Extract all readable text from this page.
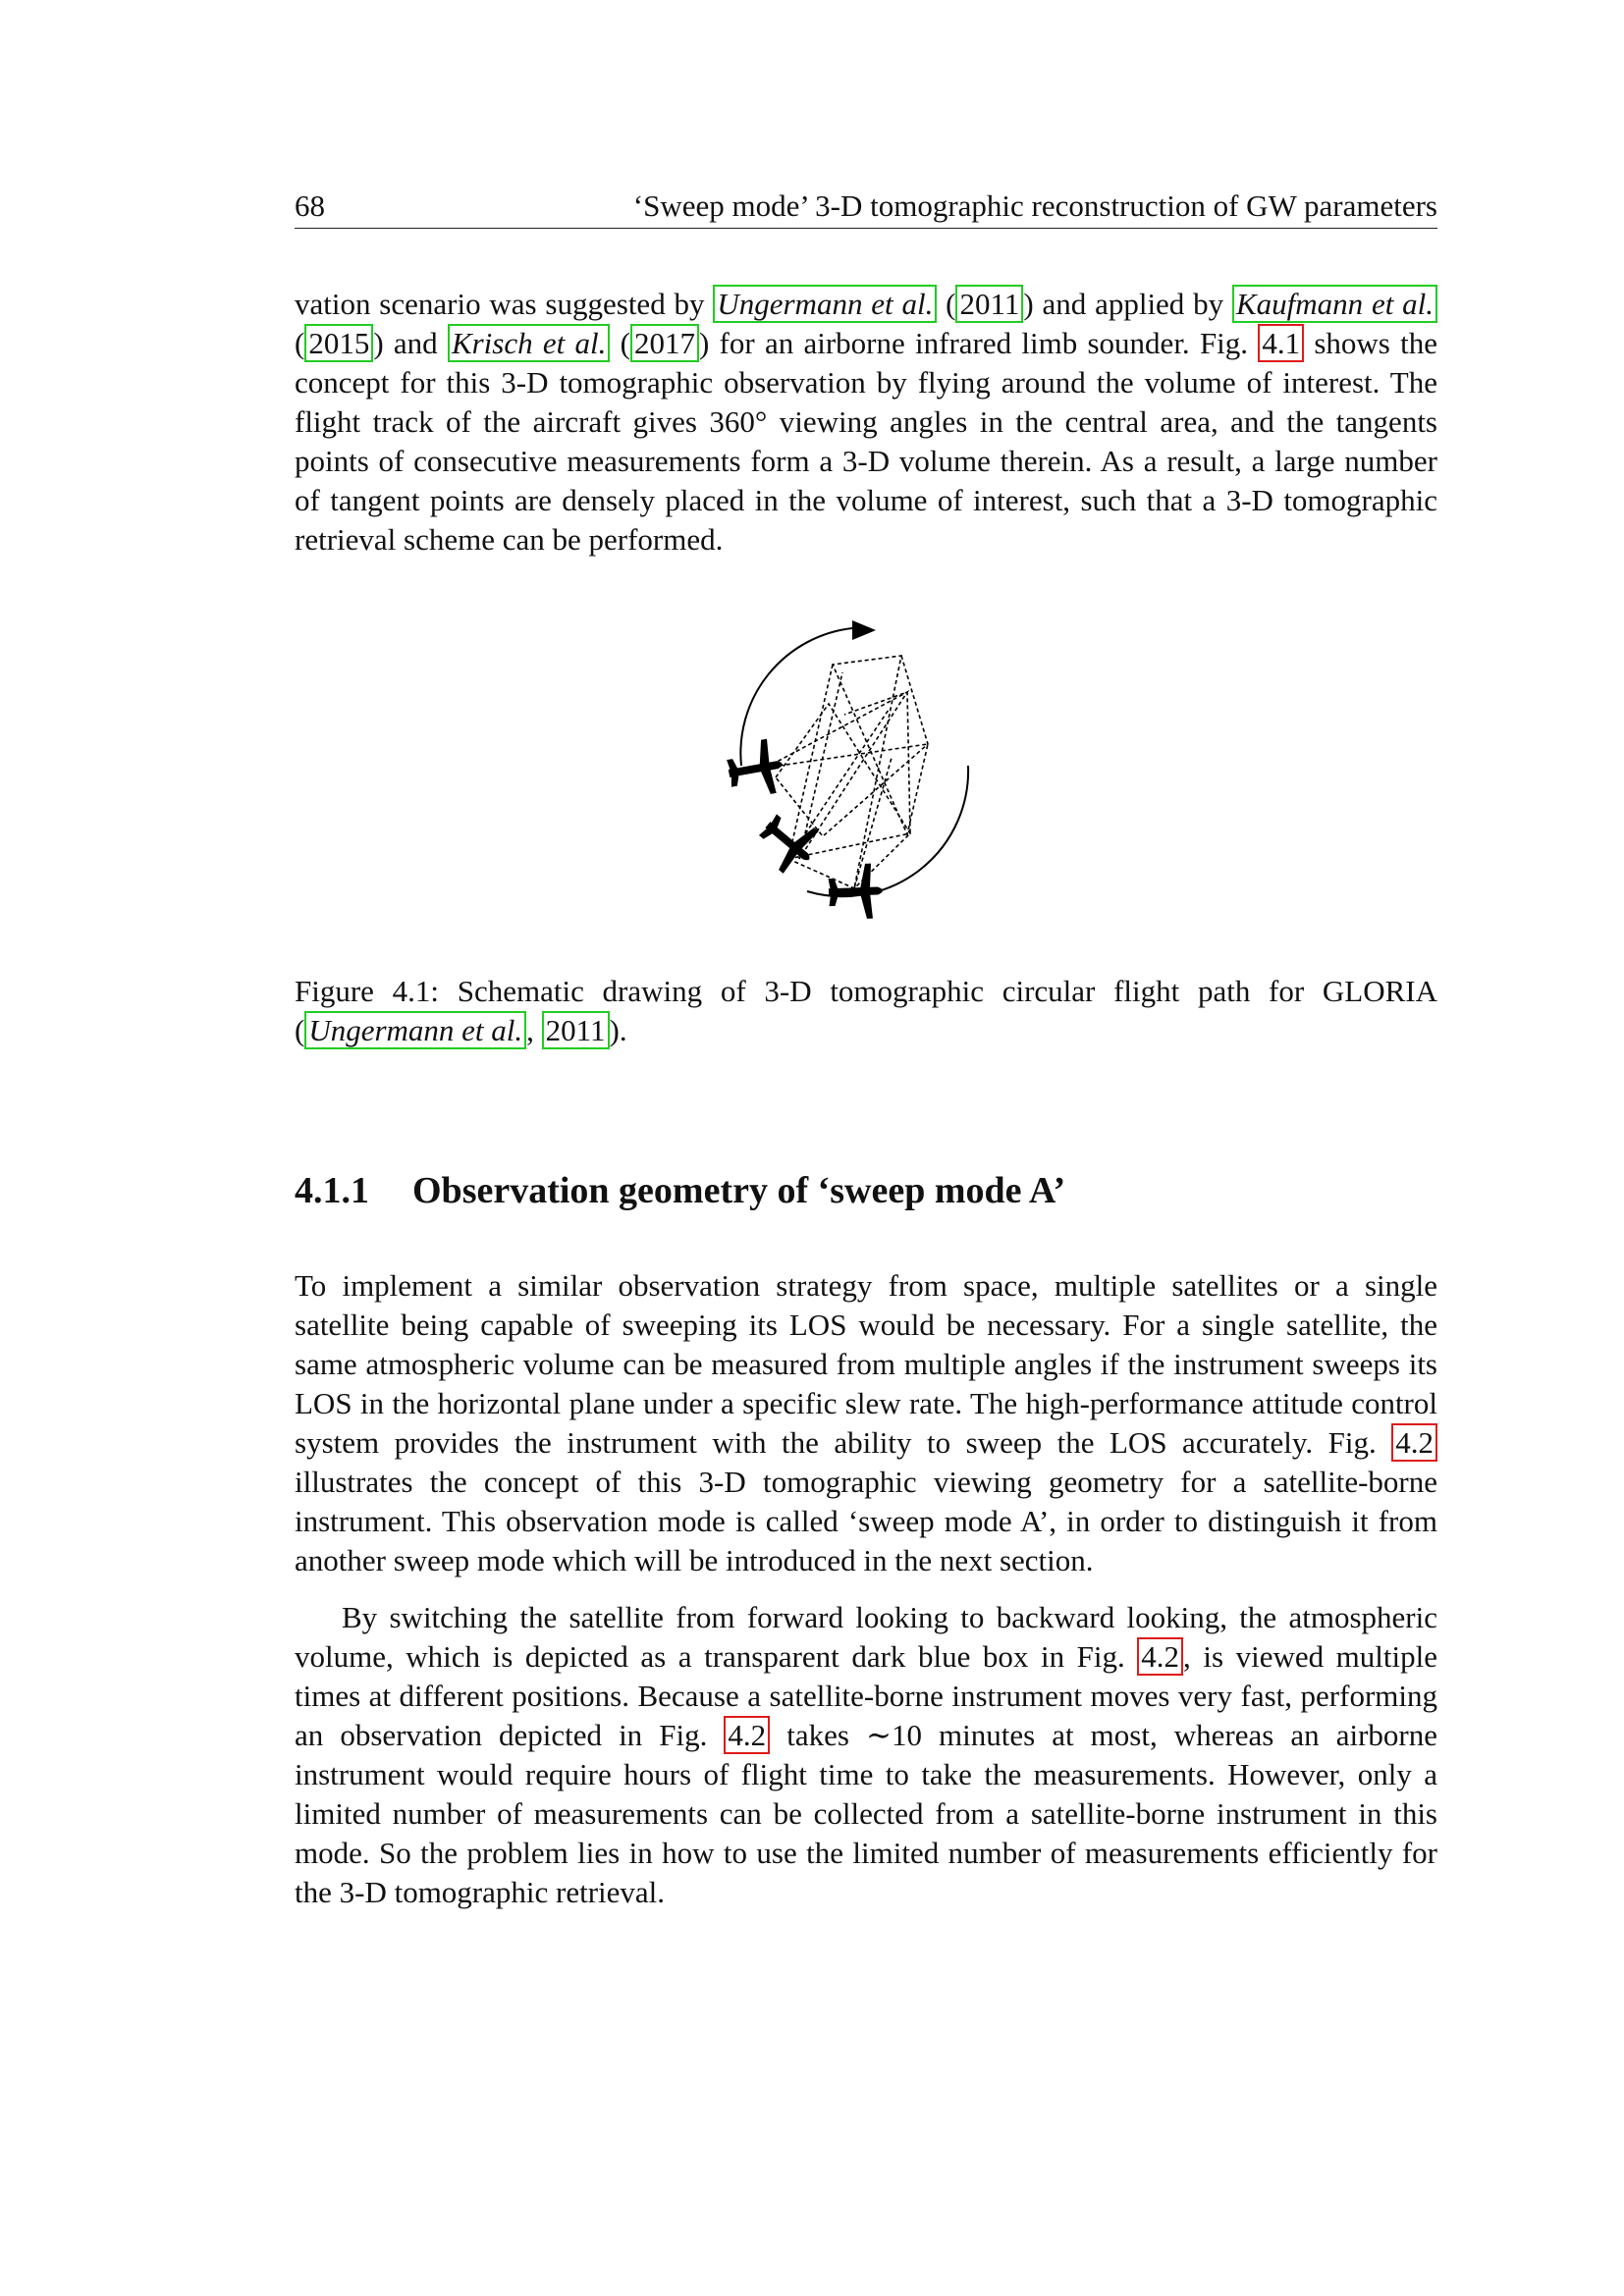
68	‘Sweep mode’ 3-D tomographic reconstruction of GW parameters

vation scenario was suggested by Ungermann et al. ( 2011 ) and applied by Kaufmann et al. ( 2015 ) and Krisch et al. ( 2017 ) for an airborne infrared limb sounder. Fig. 4.1 shows the concept for this 3-D tomographic observation by flying around the volume of interest. The flight track of the aircraft gives 360° viewing angles in the central area, and the tangents points of consecutive measurements form a 3-D volume therein. As a result, a large number of tangent points are densely placed in the volume of interest, such that a 3-D tomographic retrieval scheme can be performed.

Figure 4.1: Schematic drawing of 3-D tomographic circular flight path for GLORIA ( Ungermann et al. , 2011 ).

4.1.1 Observation geometry of ‘sweep mode A’

To implement a similar observation strategy from space, multiple satellites or a single satellite being capable of sweeping its LOS would be necessary. For a single satellite, the same atmospheric volume can be measured from multiple angles if the instrument sweeps its LOS in the horizontal plane under a specific slew rate. The high-performance attitude control system provides the instrument with the ability to sweep the LOS accurately. Fig. 4.2 illustrates the concept of this 3-D tomographic viewing geometry for a satellite-borne instrument. This observation mode is called ‘sweep mode A’, in order to distinguish it from another sweep mode which will be introduced in the next section.

By switching the satellite from forward looking to backward looking, the atmospheric volume, which is depicted as a transparent dark blue box in Fig. 4.2 , is viewed multiple times at different positions. Because a satellite-borne instrument moves very fast, performing an observation depicted in Fig. 4.2 takes ∼10 minutes at most, whereas an airborne instrument would require hours of flight time to take the measurements. However, only a limited number of measurements can be collected from a satellite-borne instrument in this mode. So the problem lies in how to use the limited number of measurements efficiently for the 3-D tomographic retrieval.
